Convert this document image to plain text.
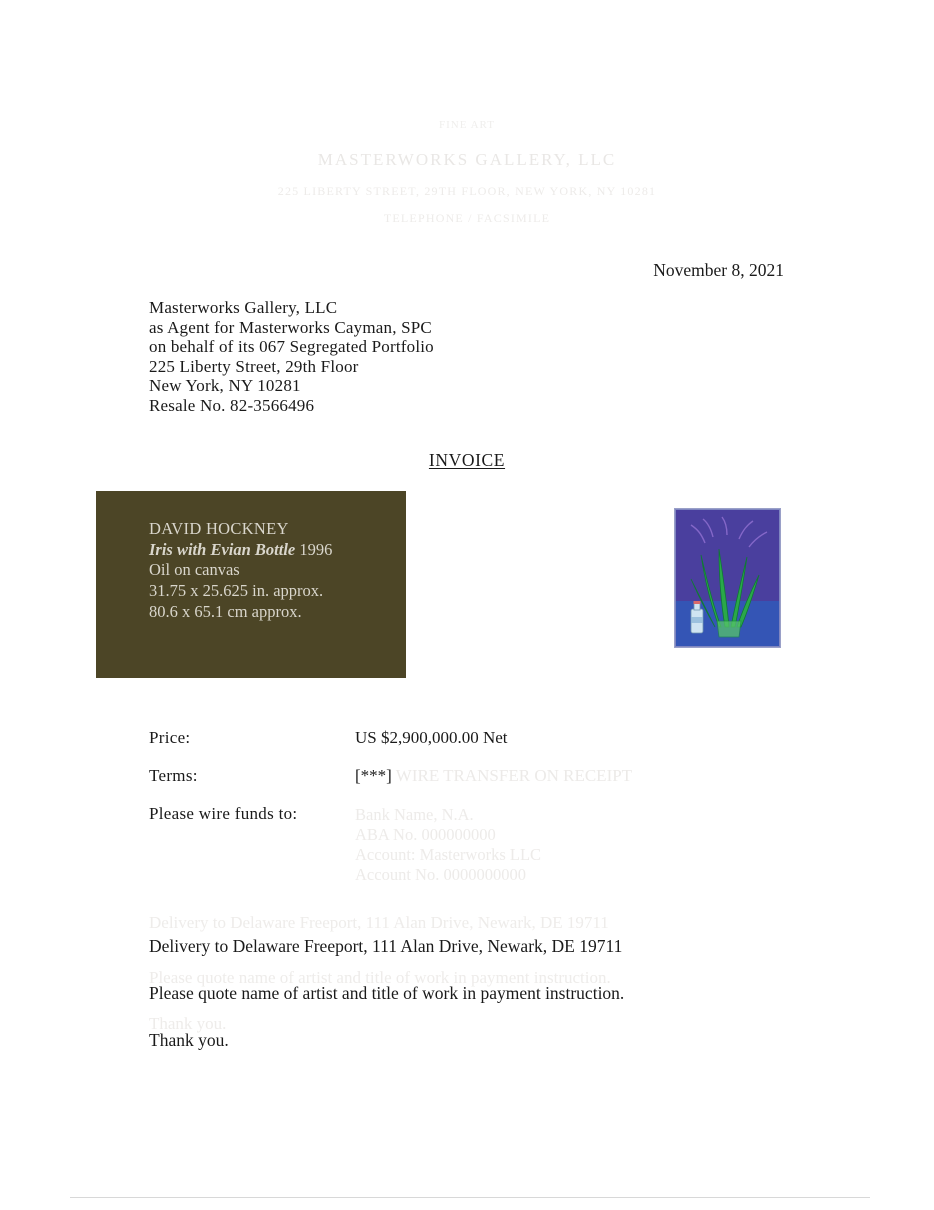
FINE ART
MASTERWORKS GALLERY, LLC
225 LIBERTY STREET, 29TH FLOOR, NEW YORK, NY 10281
TELEPHONE / FACSIMILE
November 8, 2021
Masterworks Gallery, LLC
as Agent for Masterworks Cayman, SPC
on behalf of its 067 Segregated Portfolio
225 Liberty Street, 29th Floor
New York, NY 10281
Resale No. 82-3566496
INVOICE
DAVID HOCKNEY
Iris with Evian Bottle 1996
Oil on canvas
31.75 x 25.625 in. approx.
80.6 x 65.1 cm approx.
Price:	US $2,900,000.00 Net
Terms:	[***] WIRE TRANSFER ON RECEIPT
Please wire funds to:	Bank Name, N.A.
ABA No. 000000000
Account: Masterworks LLC
Account No. 0000000000
Delivery to Delaware Freeport, 111 Alan Drive, Newark, DE 19711
Please quote name of artist and title of work in payment instruction.
Thank you.
Delivery to Delaware Freeport, 111 Alan Drive, Newark, DE 19711
Please quote name of artist and title of work in payment instruction.
Thank you.
